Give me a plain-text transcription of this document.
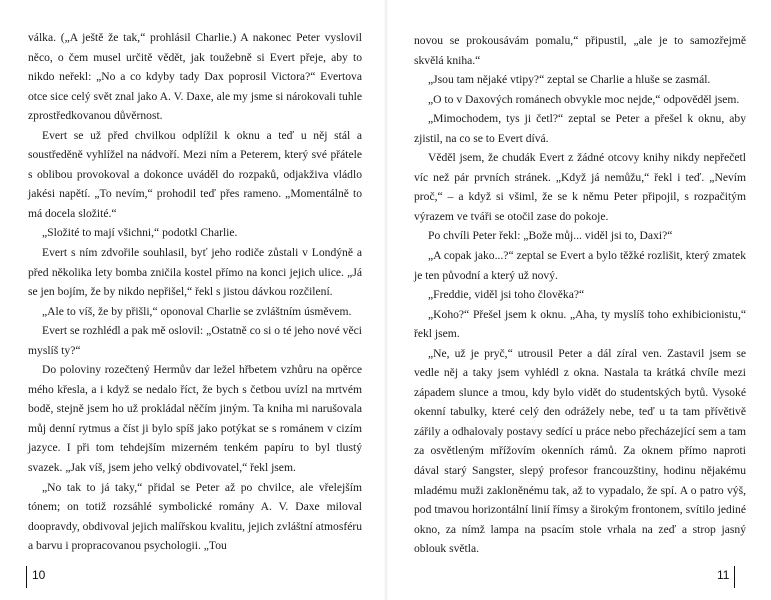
válka. („A ještě že tak,“ prohlásil Charlie.) A nakonec Peter vyslovil něco, o čem musel určitě vědět, jak toužebně si Evert přeje, aby to nikdo neřekl: „No a co kdyby tady Dax poprosil Victora?“ Evertova otce sice celý svět znal jako A. V. Daxe, ale my jsme si nárokovali tuhle zprostředkovanou důvěrnost.

Evert se už před chvilkou odplížil k oknu a teď u něj stál a soustředěně vyhlížel na nádvoří. Mezi ním a Peterem, který své přátele s oblibou provokoval a dokonce uváděl do rozpaků, odjakživa vládlo jakési napětí. „To nevím,“ prohodil teď přes rameno. „Momentálně to má docela složité.“

„Složité to mají všichni,“ podotkl Charlie.

Evert s ním zdvořile souhlasil, byť jeho rodiče zůstali v Londýně a před několika lety bomba zničila kostel přímo na konci jejich ulice. „Já se jen bojím, že by nikdo nepřišel,“ řekl s jistou dávkou rozčilení.

„Ale to víš, že by přišli,“ oponoval Charlie se zvláštním úsměvem.

Evert se rozhlédl a pak mě oslovil: „Ostatně co si o té jeho nové věci myslíš ty?“

Do poloviny rozečtený Hermův dar ležel hřbetem vzhůru na opěrce mého křesla, a i když se nedalo říct, že bych s četbou uvízl na mrtvém bodě, stejně jsem ho už prokládal něčím jiným. Ta kniha mi narušovala můj denní rytmus a číst ji bylo spíš jako potýkat se s románem v cizím jazyce. I při tom tehdejším mizerném tenkém papíru to byl tlustý svazek. „Jak víš, jsem jeho velký obdivovatel,“ řekl jsem.

„No tak to já taky,“ přidal se Peter až po chvilce, ale vřelejším tónem; on totiž rozsáhlé symbolické romány A. V. Daxe miloval doopravdy, obdivoval jejich malířskou kvalitu, jejich zvláštní atmosféru a barvu i propracovanou psychologii. „Tou

10

novou se prokousávám pomalu,“ připustil, „ale je to samozřejmě skvělá kniha.“

„Jsou tam nějaké vtipy?“ zeptal se Charlie a hluše se zasmál.

„O to v Daxových románech obvykle moc nejde,“ odpověděl jsem.

„Mimochodem, tys ji četl?“ zeptal se Peter a přešel k oknu, aby zjistil, na co se to Evert dívá.

Věděl jsem, že chudák Evert z žádné otcovy knihy nikdy nepřečetl víc než pár prvních stránek. „Když já nemůžu,“ řekl i teď. „Nevím proč,“ – a když si všiml, že se k němu Peter připojil, s rozpačitým výrazem ve tváři se otočil zase do pokoje.

Po chvíli Peter řekl: „Bože můj... viděl jsi to, Daxi?“

„A copak jako...?“ zeptal se Evert a bylo těžké rozlišit, který zmatek je ten původní a který už nový.

„Freddie, viděl jsi toho člověka?“

„Koho?“ Přešel jsem k oknu. „Aha, ty myslíš toho exhibicionistu,“ řekl jsem.

„Ne, už je pryč,“ utrousil Peter a dál zíral ven. Zastavil jsem se vedle něj a taky jsem vyhlédl z okna. Nastala ta krátká chvíle mezi západem slunce a tmou, kdy bylo vidět do studentských bytů. Vysoké okenní tabulky, které celý den odrážely nebe, teď u ta tam přívětivě zářily a odhalovaly postavy sedící u práce nebo přecházející sem a tam za osvětleným mřížovím okenních rámů. Za oknem přímo naproti dával starý Sangster, slepý profesor francouzštiny, hodinu nějakému mladému muži zakloněnému tak, až to vypadalo, že spí. A o patro výš, pod tmavou horizontální linií římsy a širokým frontonem, svítilo jediné okno, za nímž lampa na psacím stole vrhala na zeď a strop jasný oblouk světla.

11
